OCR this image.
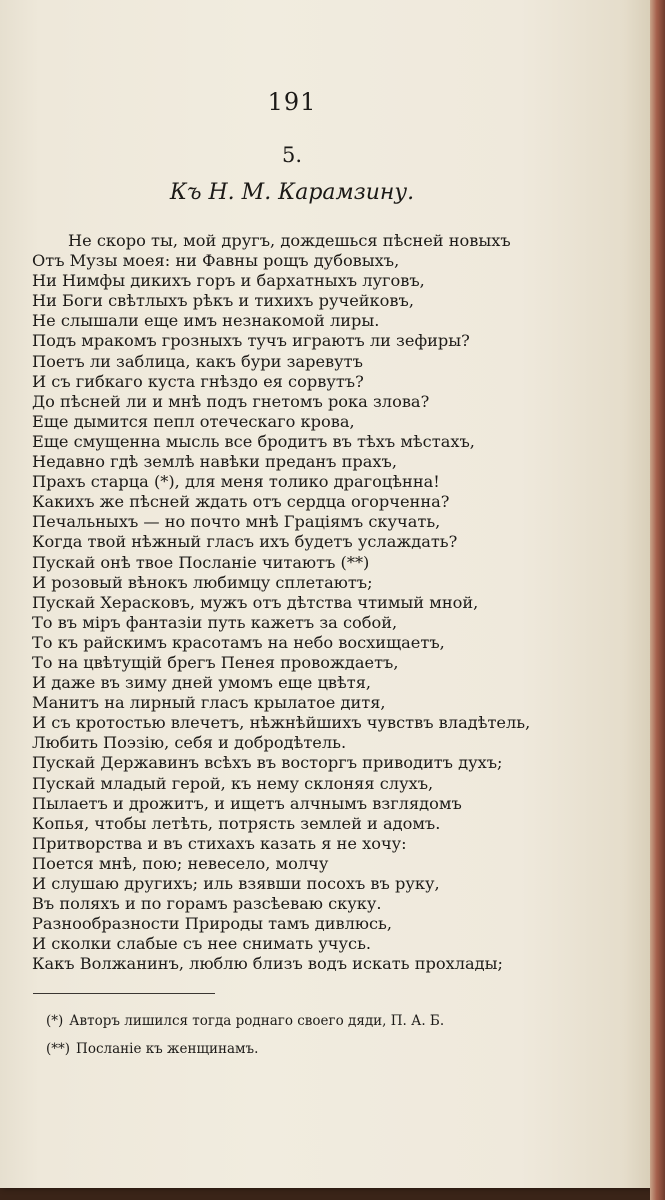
191
5.
Къ Н. М. Карамзину.
Не скоро ты, мой другъ, дождешься пѣсней новыхъ
Отъ Музы моея: ни Фавны рощъ дубовыхъ,
Ни Нимфы дикихъ горъ и бархатныхъ луговъ,
Ни Боги свѣтлыхъ рѣкъ и тихихъ ручейковъ,
Не слышали еще имъ незнакомой лиры.
Подъ мракомъ грозныхъ тучъ играютъ ли зефиры?
Поетъ ли заблица, какъ бури заревутъ
И съ гибкаго куста гнѣздо ея сорвутъ?
До пѣсней ли и мнѣ подъ гнетомъ рока злова?
Еще дымится пепл отеческаго крова,
Еще смущенна мысль все бродитъ въ тѣхъ мѣстахъ,
Недавно гдѣ землѣ навѣки преданъ прахъ,
Прахъ старца (*), для меня толико драгоцѣнна!
Какихъ же пѣсней ждать отъ сердца огорченна?
Печальныхъ — но почто мнѣ Граціямъ скучать,
Когда твой нѣжный гласъ ихъ будетъ услаждать?
Пускай онѣ твое Посланіе читаютъ (**)
И розовый вѣнокъ любимцу сплетаютъ;
Пускай Херасковъ, мужъ отъ дѣтства чтимый мной,
То въ міръ фантазіи путь кажетъ за собой,
То къ райскимъ красотамъ на небо восхищаетъ,
То на цвѣтущій брегъ Пенея провождаетъ,
И даже въ зиму дней умомъ еще цвѣтя,
Манитъ на лирный гласъ крылатое дитя,
И съ кротостью влечетъ, нѣжнѣйшихъ чувствъ владѣтель,
Любить Поэзію, себя и добродѣтель.
Пускай Державинъ всѣхъ въ восторгъ приводитъ духъ;
Пускай младый герой, къ нему склоняя слухъ,
Пылаетъ и дрожитъ, и ищетъ алчнымъ взглядомъ
Копья, чтобы летѣть, потрясть землей и адомъ.
Притворства и въ стихахъ казать я не хочу:
Поется мнѣ, пою; невесело, молчу
И слушаю другихъ; иль взявши посохъ въ руку,
Въ поляхъ и по горамъ разсѣеваю скуку.
Разнообразности Природы тамъ дивлюсь,
И сколки слабые съ нее снимать учусь.
Какъ Волжанинъ, люблю близъ водъ искать прохлады;
(*) Авторъ лишился тогда роднаго своего дяди, П. А. Б.
(**) Посланіе къ женщинамъ.
